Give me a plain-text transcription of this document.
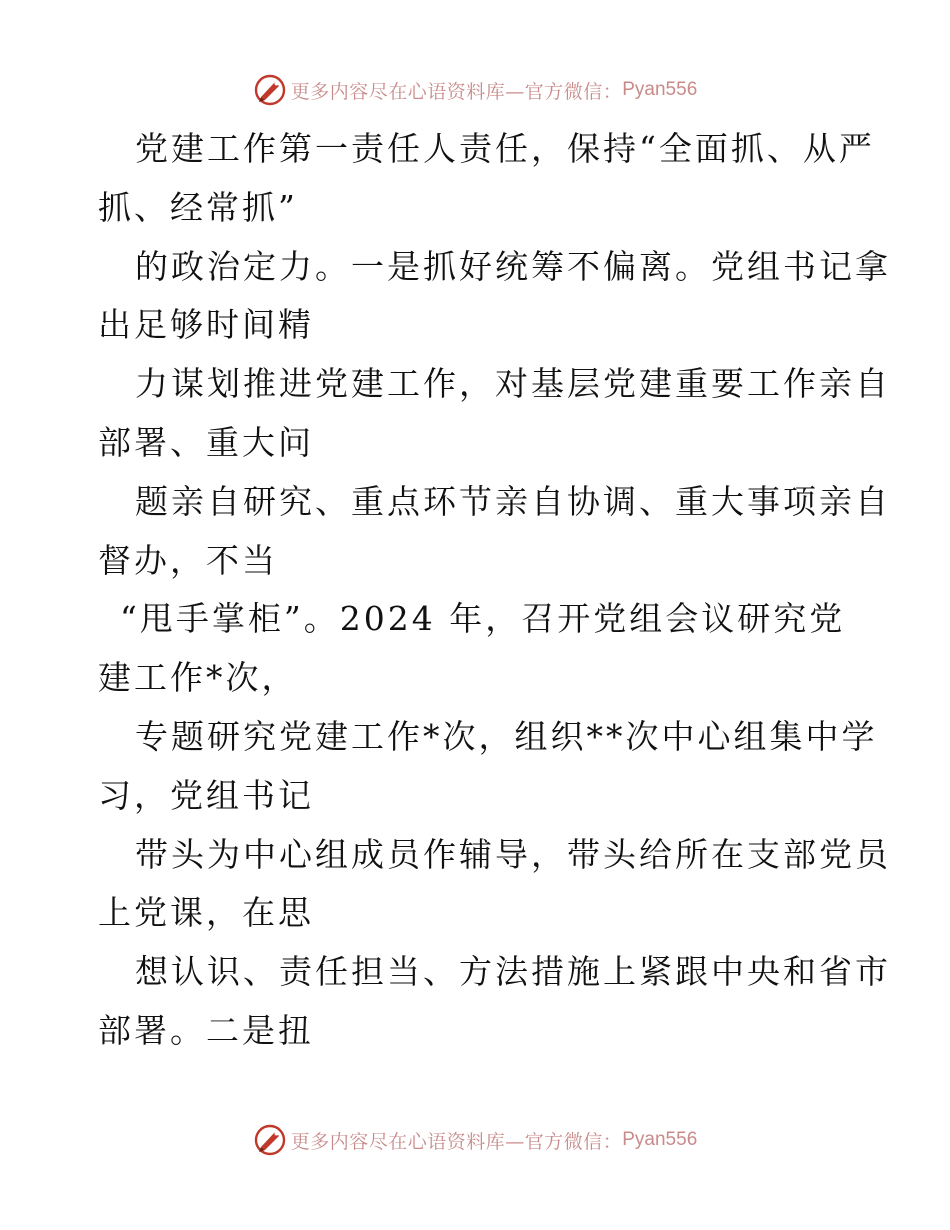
更多内容尽在心语资料库—官方微信： Pyan556
党建工作第一责任人责任，保持“全面抓、从严
抓、经常抓”
的政治定力。一是抓好统筹不偏离。党组书记拿
出足够时间精
力谋划推进党建工作，对基层党建重要工作亲自
部署、重大问
题亲自研究、重点环节亲自协调、重大事项亲自
督办，不当
“甩手掌柜”。2024 年，召开党组会议研究党
建工作*次，
专题研究党建工作*次，组织**次中心组集中学
习，党组书记
带头为中心组成员作辅导，带头给所在支部党员
上党课，在思
想认识、责任担当、方法措施上紧跟中央和省市
部署。二是扭
更多内容尽在心语资料库—官方微信： Pyan556
